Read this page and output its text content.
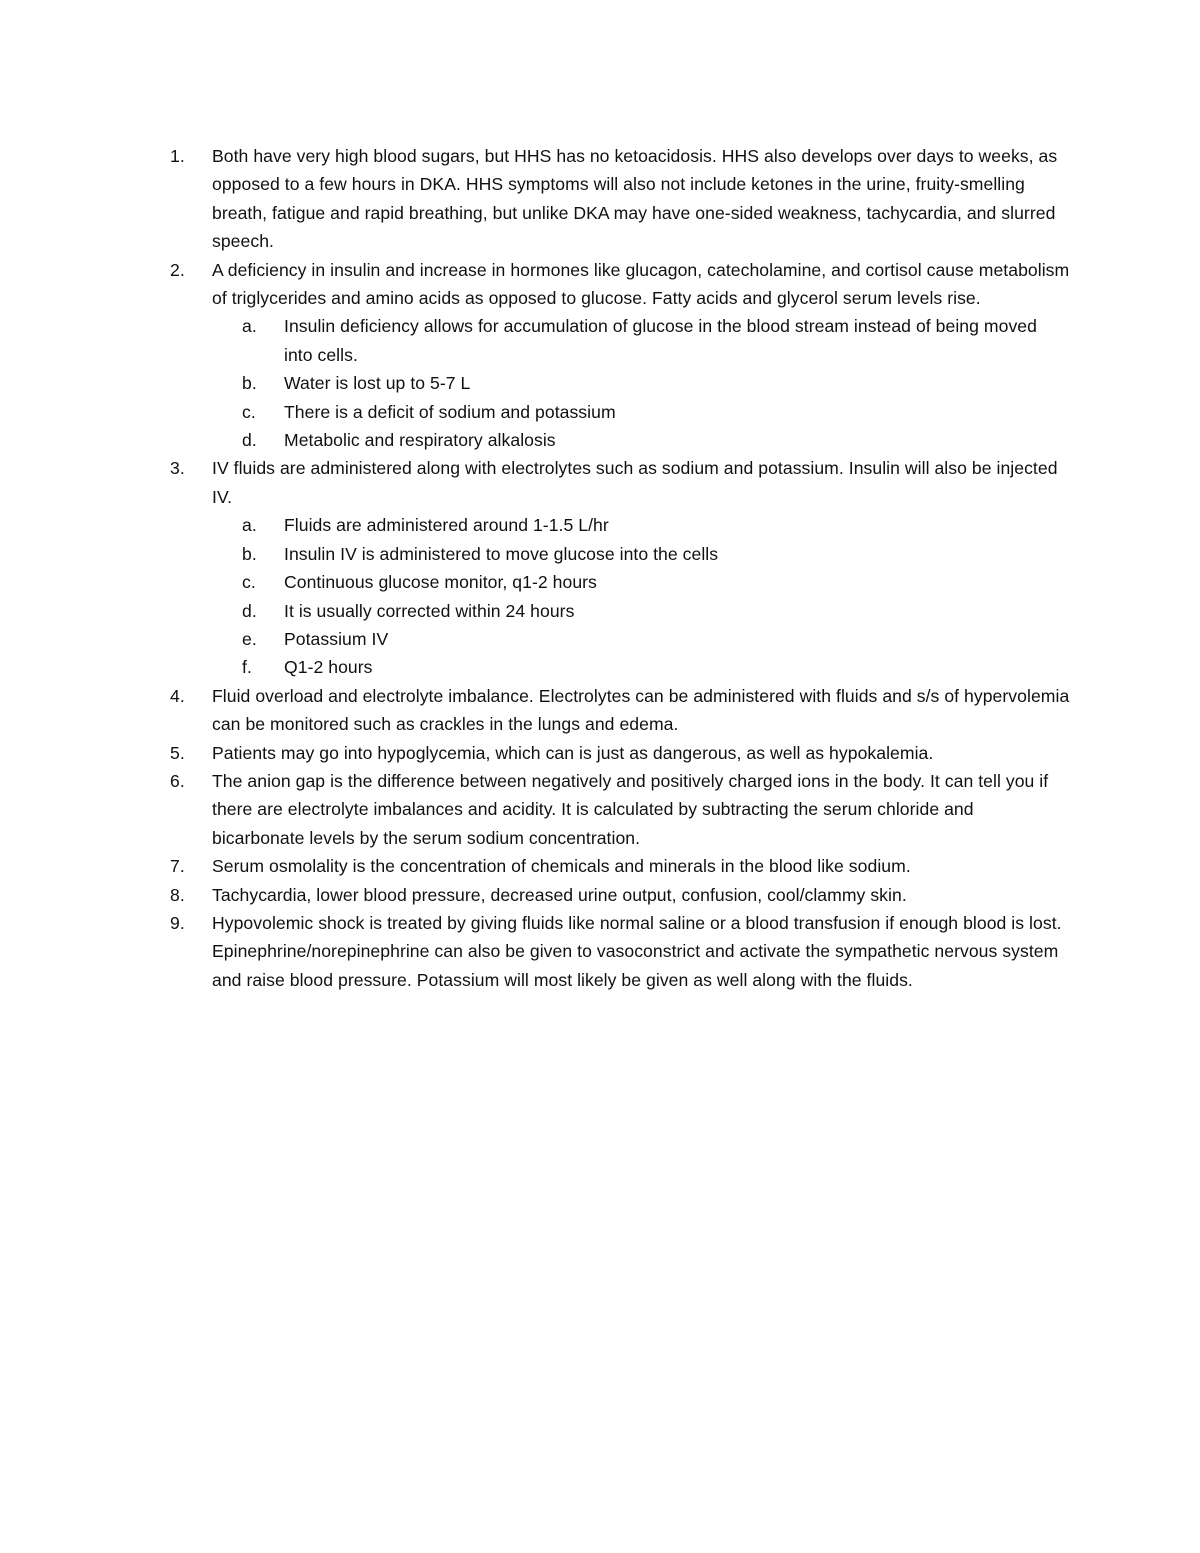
1.	Both have very high blood sugars, but HHS has no ketoacidosis. HHS also develops over days to weeks, as opposed to a few hours in DKA. HHS symptoms will also not include ketones in the urine, fruity-smelling breath, fatigue and rapid breathing, but unlike DKA may have one-sided weakness, tachycardia, and slurred speech.

2.	A deficiency in insulin and increase in hormones like glucagon, catecholamine, and cortisol cause metabolism of triglycerides and amino acids as opposed to glucose. Fatty acids and glycerol serum levels rise.

a.	Insulin deficiency allows for accumulation of glucose in the blood stream instead of being moved into cells.
b.	Water is lost up to 5-7 L
c.	There is a deficit of sodium and potassium
d.	Metabolic and respiratory alkalosis
3.	IV fluids are administered along with electrolytes such as sodium and potassium. Insulin will also be injected IV.

a.	Fluids are administered around 1-1.5 L/hr
b.	Insulin IV is administered to move glucose into the cells
c.	Continuous glucose monitor, q1-2 hours
d.	It is usually corrected within 24 hours
e.	Potassium IV
f.	Q1-2 hours
4.	Fluid overload and electrolyte imbalance. Electrolytes can be administered with fluids and s/s of hypervolemia can be monitored such as crackles in the lungs and edema.

5.	Patients may go into hypoglycemia, which can is just as dangerous, as well as hypokalemia.

6.	The anion gap is the difference between negatively and positively charged ions in the body. It can tell you if there are electrolyte imbalances and acidity. It is calculated by subtracting the serum chloride and bicarbonate levels by the serum sodium concentration.

7.	Serum osmolality is the concentration of chemicals and minerals in the blood like sodium.

8.	Tachycardia, lower blood pressure, decreased urine output, confusion, cool/clammy skin.

9.	Hypovolemic shock is treated by giving fluids like normal saline or a blood transfusion if enough blood is lost. Epinephrine/norepinephrine can also be given to vasoconstrict and activate the sympathetic nervous system and raise blood pressure. Potassium will most likely be given as well along with the fluids.
